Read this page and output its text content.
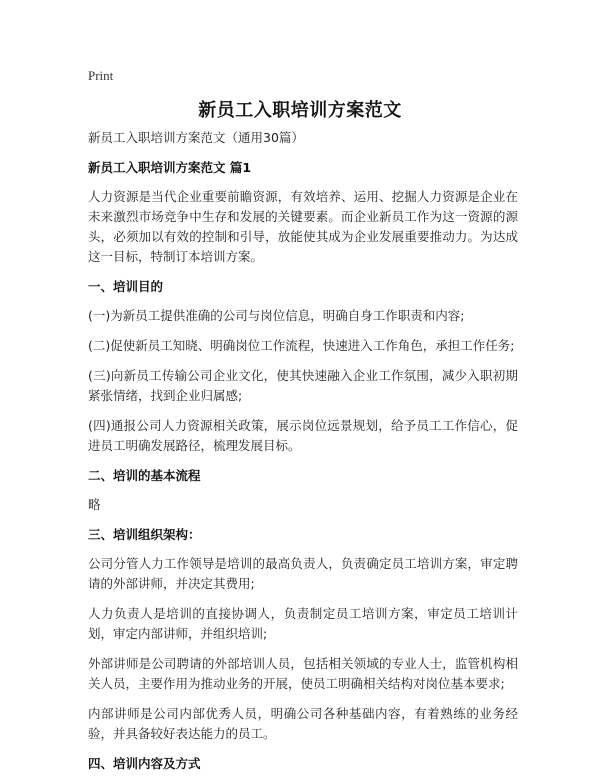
Print
新员工入职培训方案范文
新员工入职培训方案范文（通用30篇）
新员工入职培训方案范文 篇1
人力资源是当代企业重要前瞻资源，有效培养、运用、挖掘人力资源是企业在未来激烈市场竞争中生存和发展的关键要素。而企业新员工作为这一资源的源头，必须加以有效的控制和引导，放能使其成为企业发展重要推动力。为达成这一目标，特制订本培训方案。
一、培训目的
(一)为新员工提供准确的公司与岗位信息，明确自身工作职责和内容;
(二)促使新员工知晓、明确岗位工作流程，快速进入工作角色，承担工作任务;
(三)向新员工传输公司企业文化，使其快速融入企业工作氛围，减少入职初期紧张情绪，找到企业归属感;
(四)通报公司人力资源相关政策，展示岗位远景规划，给予员工工作信心，促进员工明确发展路径，梳理发展目标。
二、培训的基本流程
略
三、培训组织架构：
公司分管人力工作领导是培训的最高负责人，负责确定员工培训方案，审定聘请的外部讲师，并决定其费用;
人力负责人是培训的直接协调人，负责制定员工培训方案，审定员工培训计划，审定内部讲师，并组织培训;
外部讲师是公司聘请的外部培训人员，包括相关领域的专业人士，监管机构相关人员，主要作用为推动业务的开展，使员工明确相关结构对岗位基本要求;
内部讲师是公司内部优秀人员，明确公司各种基础内容，有着熟练的业务经验，并具备较好表达能力的员工。
四、培训内容及方式
